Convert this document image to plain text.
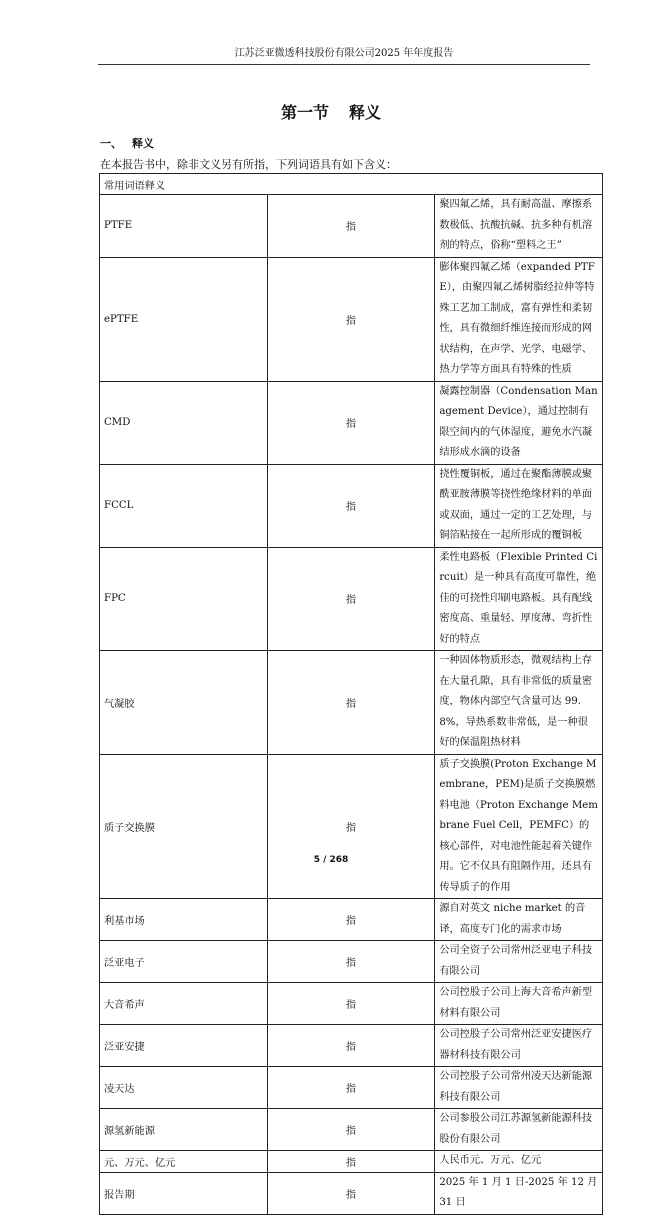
江苏泛亚微透科技股份有限公司2025 年年度报告
第一节 释义
一、 释义
在本报告书中，除非文义另有所指，下列词语具有如下含义：
常用词语释义		
PTFE	指	聚四氟乙烯，具有耐高温、摩擦系数极低、抗酸抗碱、抗多种有机溶剂的特点，俗称“塑料之王”
ePTFE	指	膨体聚四氟乙烯（expanded PTFE），由聚四氟乙烯树脂经拉伸等特殊工艺加工制成，富有弹性和柔韧性，具有微细纤维连接而形成的网状结构，在声学、光学、电磁学、热力学等方面具有特殊的性质
CMD	指	凝露控制器（Condensation Management Device），通过控制有限空间内的气体湿度，避免水汽凝结形成水滴的设备
FCCL	指	挠性覆铜板，通过在聚酯薄膜或聚酰亚胺薄膜等挠性绝缘材料的单面或双面，通过一定的工艺处理，与铜箔粘接在一起所形成的覆铜板
FPC	指	柔性电路板（Flexible Printed Circuit）是一种具有高度可靠性，绝佳的可挠性印刷电路板。具有配线密度高、重量轻、厚度薄、弯折性好的特点
气凝胶	指	一种固体物质形态，微观结构上存在大量孔隙，具有非常低的质量密度，物体内部空气含量可达 99.8%，导热系数非常低，是一种很好的保温阻热材料
质子交换膜	指	质子交换膜(Proton Exchange Membrane，PEM)是质子交换膜燃料电池（Proton Exchange Membrane Fuel Cell，PEMFC）的核心部件，对电池性能起着关键作用。它不仅具有阻隔作用，还具有传导质子的作用
利基市场	指	源自对英文 niche market 的音译，高度专门化的需求市场
泛亚电子	指	公司全资子公司常州泛亚电子科技有限公司
大音希声	指	公司控股子公司上海大音希声新型材料有限公司
泛亚安捷	指	公司控股子公司常州泛亚安捷医疗器材科技有限公司
凌天达	指	公司控股子公司常州凌天达新能源科技有限公司
源氢新能源	指	公司参股公司江苏源氢新能源科技股份有限公司
元、万元、亿元	指	人民币元、万元、亿元
报告期	指	2025 年 1 月 1 日-2025 年 12 月 31 日
5 / 268
